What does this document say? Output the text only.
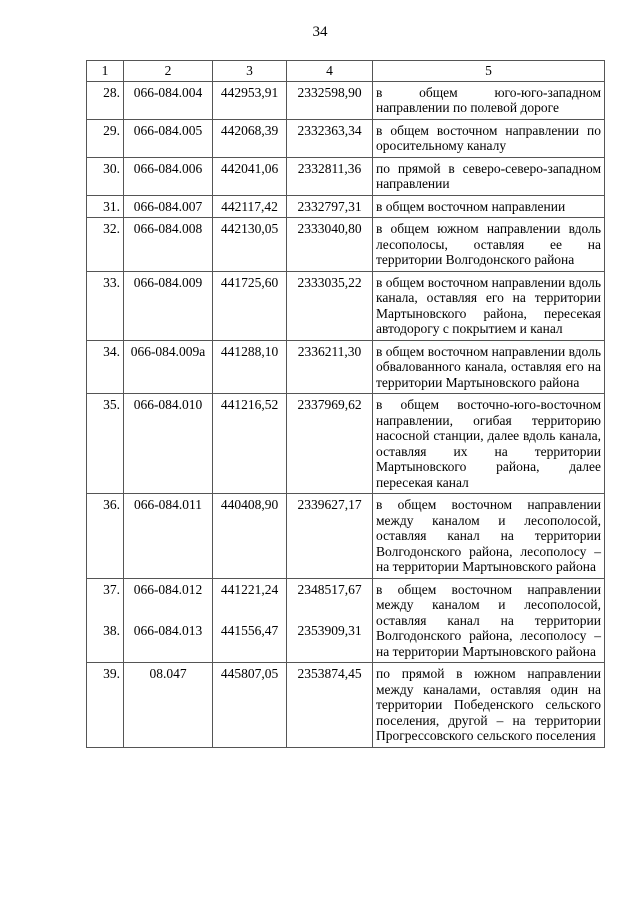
34
1	2	3	4	5
28.	066-084.004	442953,91	2332598,90	в общем юго-юго-западном направлении по полевой дороге
29.	066-084.005	442068,39	2332363,34	в общем восточном направлении по оросительному каналу
30.	066-084.006	442041,06	2332811,36	по прямой в северо-северо-западном направлении
31.	066-084.007	442117,42	2332797,31	в общем восточном направлении
32.	066-084.008	442130,05	2333040,80	в общем южном направлении вдоль лесополосы, оставляя ее на территории Волгодонского района
33.	066-084.009	441725,60	2333035,22	в общем восточном направлении вдоль канала, оставляя его на территории Мартыновского района, пересекая автодорогу с покрытием и канал
34.	066-084.009а	441288,10	2336211,30	в общем восточном направлении вдоль обвалованного канала, оставляя его на территории Мартыновского района
35.	066-084.010	441216,52	2337969,62	в общем восточно-юго-восточном направлении, огибая территорию насосной станции, далее вдоль канала, оставляя их на территории Мартыновского района, далее пересекая канал
36.	066-084.011	440408,90	2339627,17	в общем восточном направлении между каналом и лесополосой, оставляя канал на территории Волгодонского района, лесополосу – на территории Мартыновского района
37.	066-084.012	441221,24	2348517,67	в общем восточном направлении между каналом и лесополосой, оставляя канал на территории Волгодонского района, лесополосу – на территории Мартыновского района
38.	066-084.013	441556,47	2353909,31	
39.	08.047	445807,05	2353874,45	по прямой в южном направлении между каналами, оставляя один на территории Победенского сельского поселения, другой – на территории Прогрессовского сельского поселения
